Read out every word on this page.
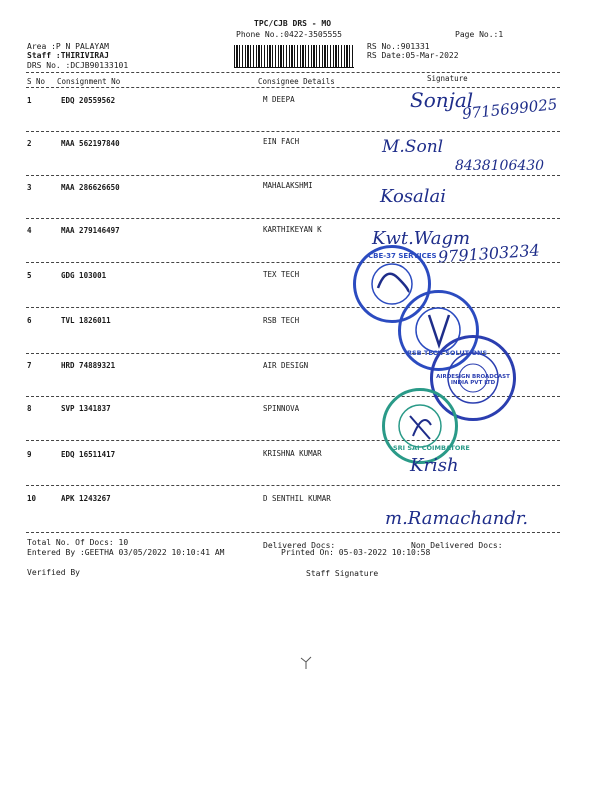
TPC/CJB DRS - MO
Phone No.:0422-3505555	Page No.:1
Area :P N PALAYAM
Staff :THIRIVIRAJ
DRS No. :DCJB90133101
RS No.:901331
RS Date:05-Mar-2022
S No Consignment No	Consignee Details	Signature
1	EDQ 20559562	M DEEPA
2	MAA 562197840	EIN FACH
3	MAA 286626650	MAHALAKSHMI
4	MAA 279146497	KARTHIKEYAN K
5	GDG 103001	TEX TECH
6	TVL 1826011	RSB TECH
7	HRD 74889321	AIR DESIGN
8	SVP 1341837	SPINNOVA
9	EDQ 16511417	KRISHNA KUMAR
10	APK 1243267	D SENTHIL KUMAR
CBE-37 SERVICES
RSB TECH SOLUTIONS
AIRDESIGN BROADCAST INDIA PVT LTD
SRI SAI COIMBATORE
Sonjal
9715699025
M.Sonl
8438106430
Kosalai
Kwt.Wagm
9791303234
Krish
m.Ramachandr.
Total No. Of Docs: 10	Delivered Docs:	Non Delivered Docs:
Entered By :GEETHA 03/05/2022 10:10:41 AM	Printed On: 05-03-2022 10:10:58
Verified By	Staff Signature
